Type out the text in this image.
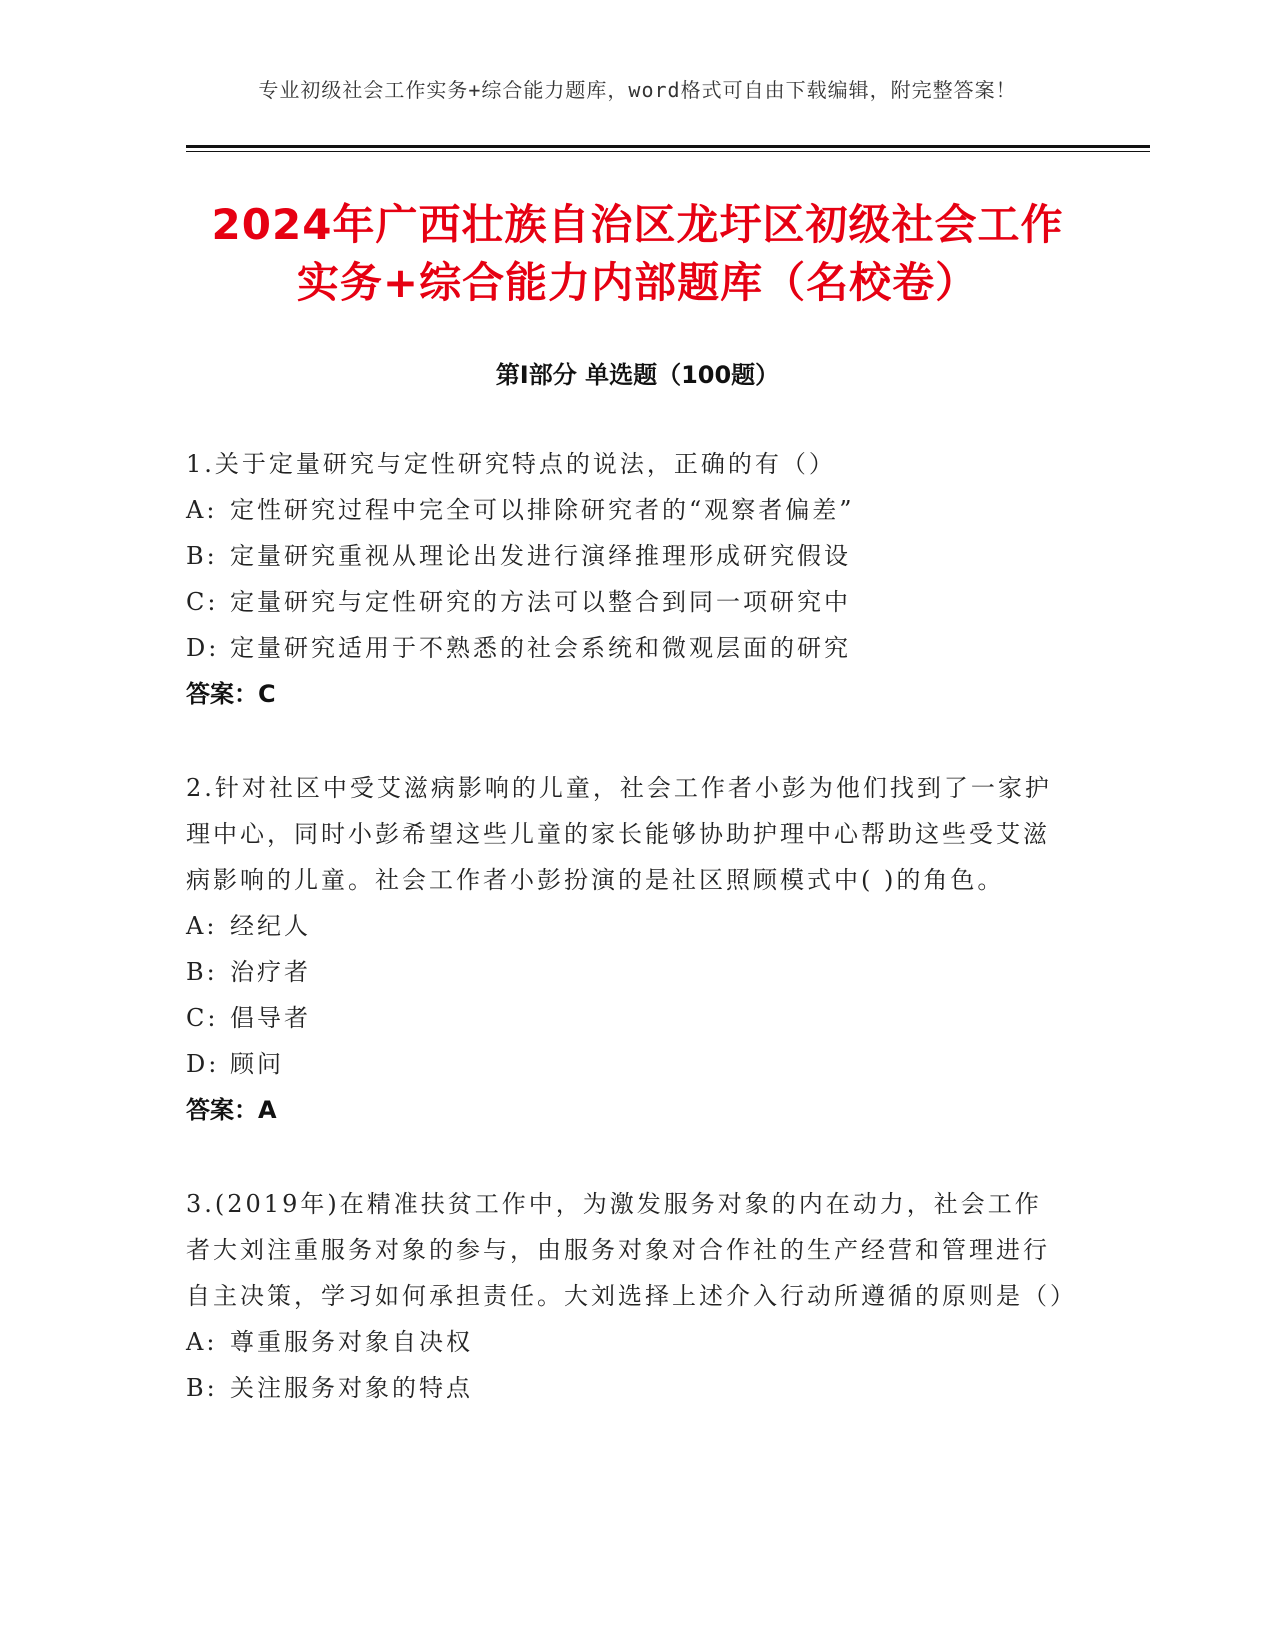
专业初级社会工作实务+综合能力题库，word格式可自由下载编辑，附完整答案！
2024年广西壮族自治区龙圩区初级社会工作
实务+综合能力内部题库（名校卷）
第Ⅰ部分 单选题（100题）
1.关于定量研究与定性研究特点的说法，正确的有（）
A: 定性研究过程中完全可以排除研究者的“观察者偏差”
B: 定量研究重视从理论出发进行演绎推理形成研究假设
C: 定量研究与定性研究的方法可以整合到同一项研究中
D: 定量研究适用于不熟悉的社会系统和微观层面的研究
答案：C
2.针对社区中受艾滋病影响的儿童，社会工作者小彭为他们找到了一家护理中心，同时小彭希望这些儿童的家长能够协助护理中心帮助这些受艾滋病影响的儿童。社会工作者小彭扮演的是社区照顾模式中( )的角色。
A: 经纪人
B: 治疗者
C: 倡导者
D: 顾问
答案：A
3.(2019年)在精准扶贫工作中，为激发服务对象的内在动力，社会工作者大刘注重服务对象的参与，由服务对象对合作社的生产经营和管理进行自主决策，学习如何承担责任。大刘选择上述介入行动所遵循的原则是（）
A: 尊重服务对象自决权
B: 关注服务对象的特点
